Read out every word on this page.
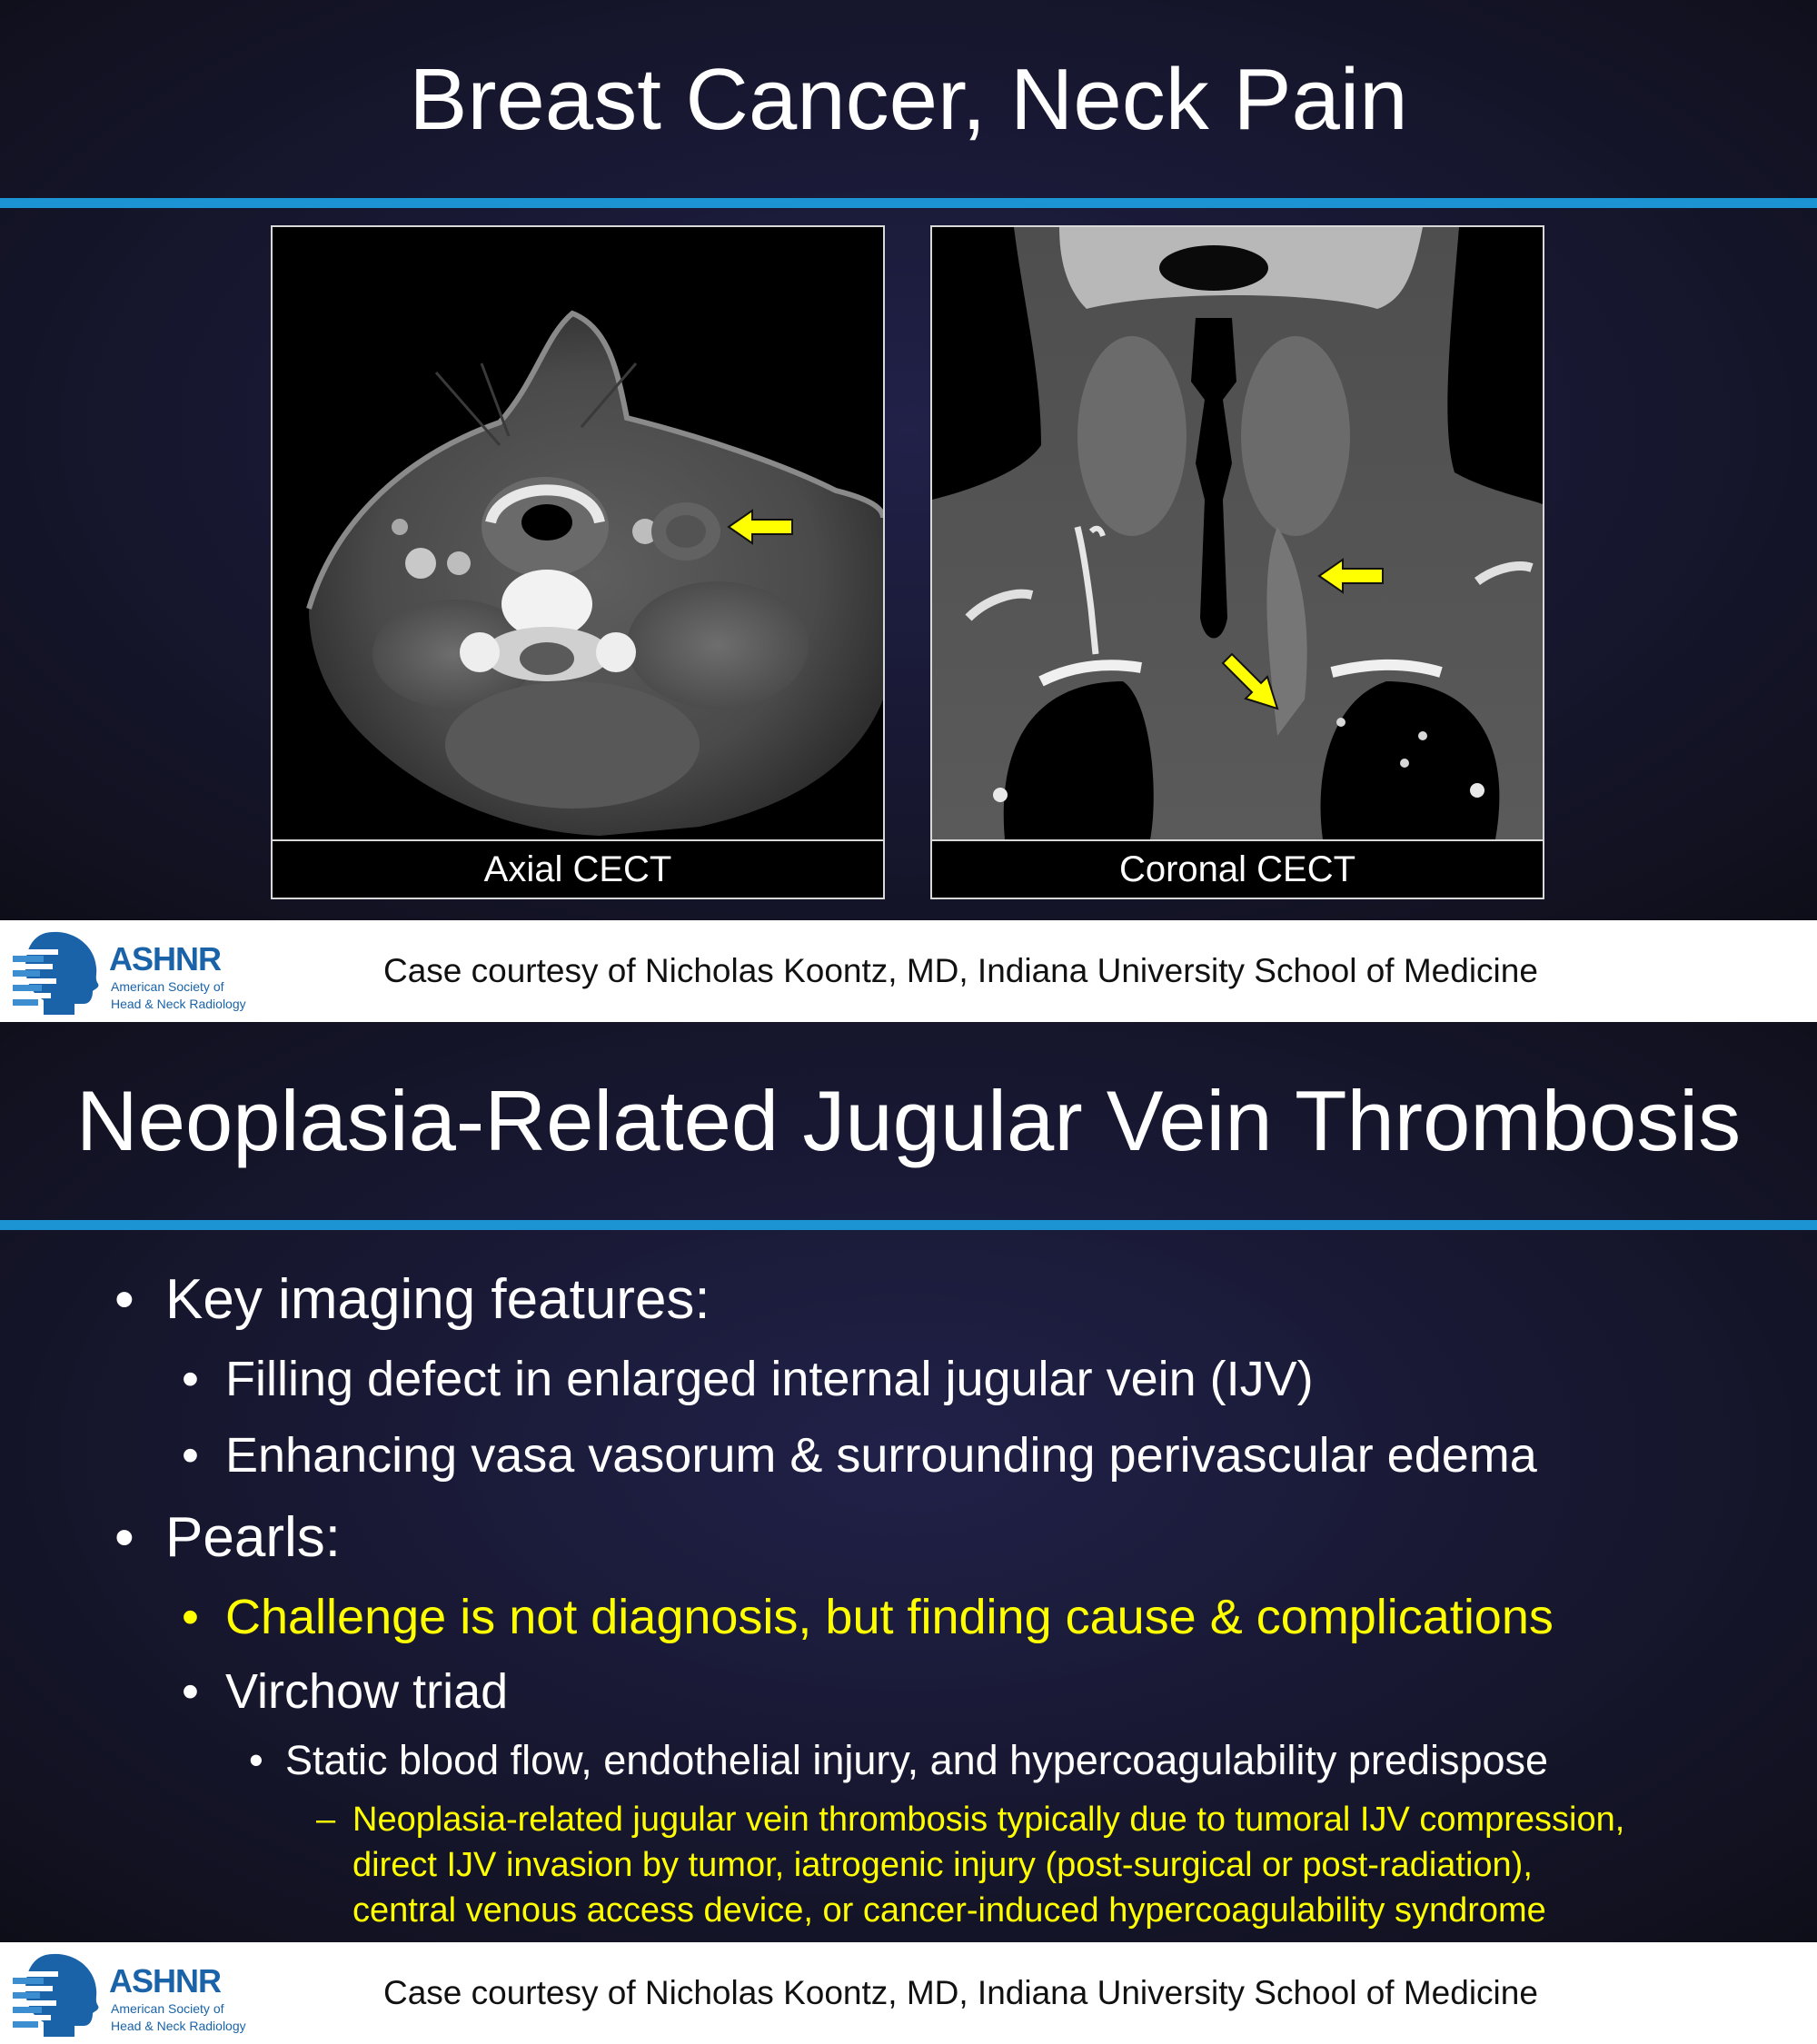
Breast Cancer, Neck Pain
Axial CECT	Coronal CECT
ASHNR
American Society of
Head & Neck Radiology
Case courtesy of Nicholas Koontz, MD, Indiana University School of Medicine
Neoplasia-Related Jugular Vein Thrombosis
• Key imaging features:
• Filling defect in enlarged internal jugular vein (IJV)
• Enhancing vasa vasorum & surrounding perivascular edema
• Pearls:
• Challenge is not diagnosis, but finding cause & complications
• Virchow triad
• Static blood flow, endothelial injury, and hypercoagulability predispose
– Neoplasia-related jugular vein thrombosis typically due to tumoral IJV compression,
direct IJV invasion by tumor, iatrogenic injury (post-surgical or post-radiation),
central venous access device, or cancer-induced hypercoagulability syndrome
ASHNR
American Society of
Head & Neck Radiology
Case courtesy of Nicholas Koontz, MD, Indiana University School of Medicine
